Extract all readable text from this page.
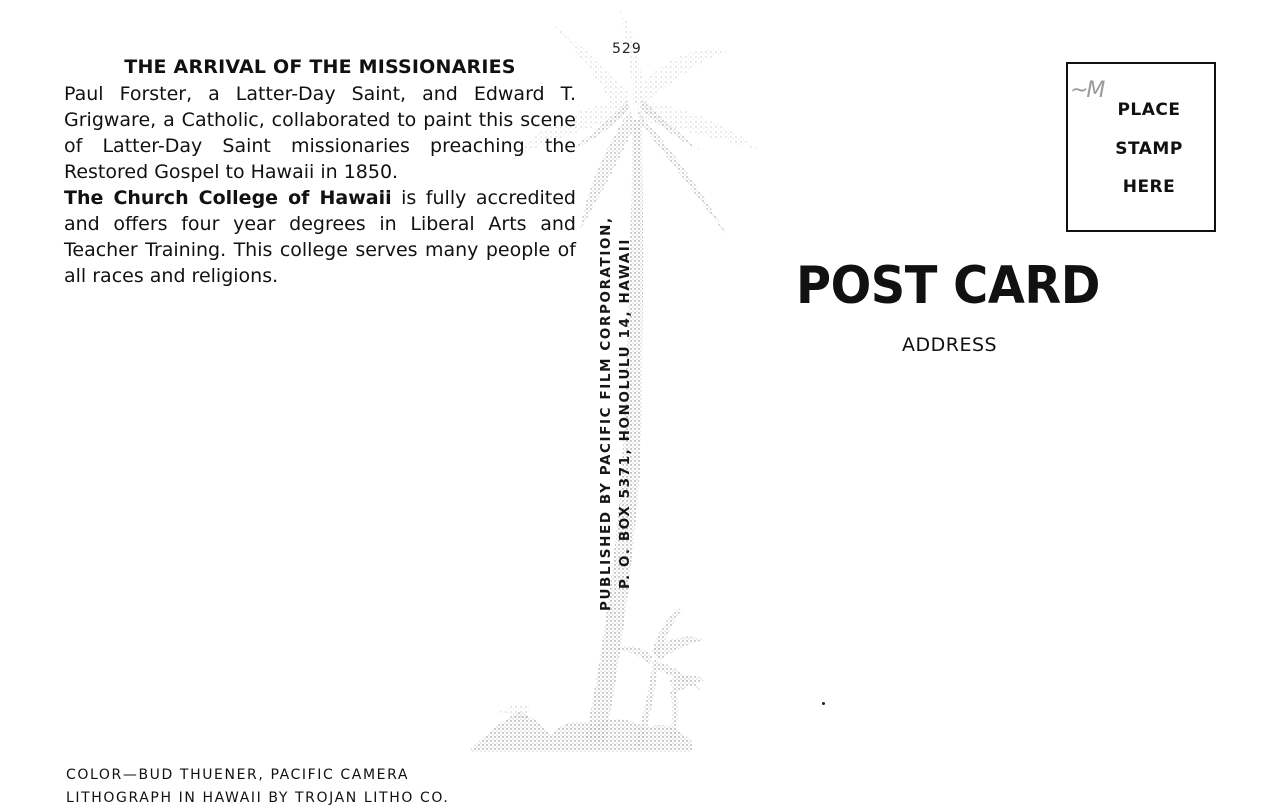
529
THE ARRIVAL OF THE MISSIONARIES

Paul Forster, a Latter-Day Saint, and Edward T. Grigware, a Catholic, collaborated to paint this scene of Latter-Day Saint missionaries preaching the Restored Gospel to Hawaii in 1850.

The Church College of Hawaii is fully accredited and offers four year degrees in Liberal Arts and Teacher Training. This college serves many people of all races and religions.	PUBLISHED BY PACIFIC FILM CORPORATION, P. O. BOX 5371, HONOLULU 14, HAWAII
COLOR—BUD THUENER, PACIFIC CAMERA
LITHOGRAPH IN HAWAII BY TROJAN LITHO CO.
~M
PLACE
STAMP
HERE
POST CARD
ADDRESS
